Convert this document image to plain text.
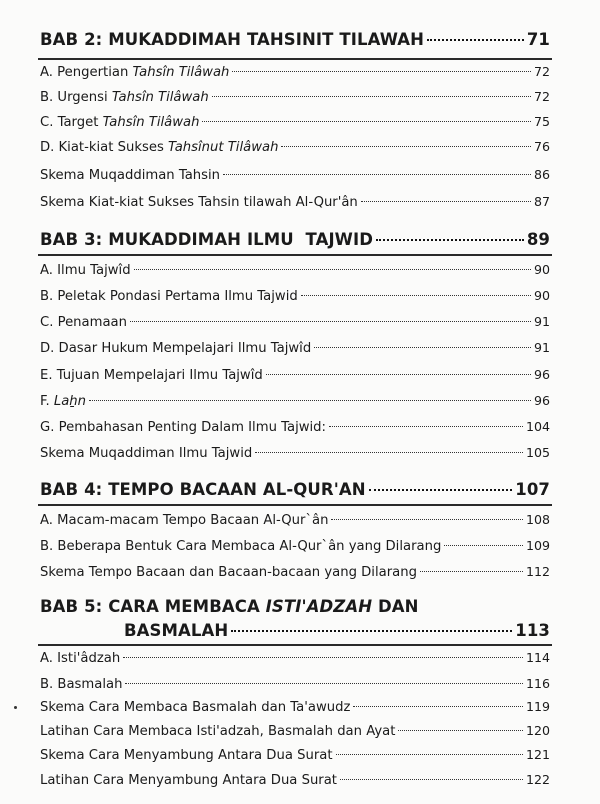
BAB 2: MUKADDIMAH TAHSINIT TILAWAH	71
A. Pengertian Tahsîn Tilâwah	72
B. Urgensi Tahsîn Tilâwah	72
C. Target Tahsîn Tilâwah	75
D. Kiat-kiat Sukses Tahsînut Tilâwah	76
Skema Muqaddiman Tahsin	86
Skema Kiat-kiat Sukses Tahsin tilawah Al-Qur'ân	87
BAB 3: MUKADDIMAH ILMU  TAJWID	89
A. Ilmu Tajwîd	90
B. Peletak Pondasi Pertama Ilmu Tajwid	90
C. Penamaan	91
D. Dasar Hukum Mempelajari Ilmu Tajwîd	91
E. Tujuan Mempelajari Ilmu Tajwîd	96
F. Laẖn	96
G. Pembahasan Penting Dalam Ilmu Tajwid:	104
Skema Muqaddiman Ilmu Tajwid	105
BAB 4: TEMPO BACAAN AL-QUR'AN	107
A. Macam-macam Tempo Bacaan Al-Qur`ân	108
B. Beberapa Bentuk Cara Membaca Al-Qur`ân yang Dilarang	109
Skema Tempo Bacaan dan Bacaan-bacaan yang Dilarang	112
BAB 5: CARA MEMBACA ISTI'ADZAH DAN
BASMALAH	113
A. Isti'âdzah	114
B. Basmalah	116
Skema Cara Membaca Basmalah dan Ta'awudz	119
Latihan Cara Membaca Isti'adzah, Basmalah dan Ayat	120
Skema Cara Menyambung Antara Dua Surat	121
Latihan Cara Menyambung Antara Dua Surat	122
